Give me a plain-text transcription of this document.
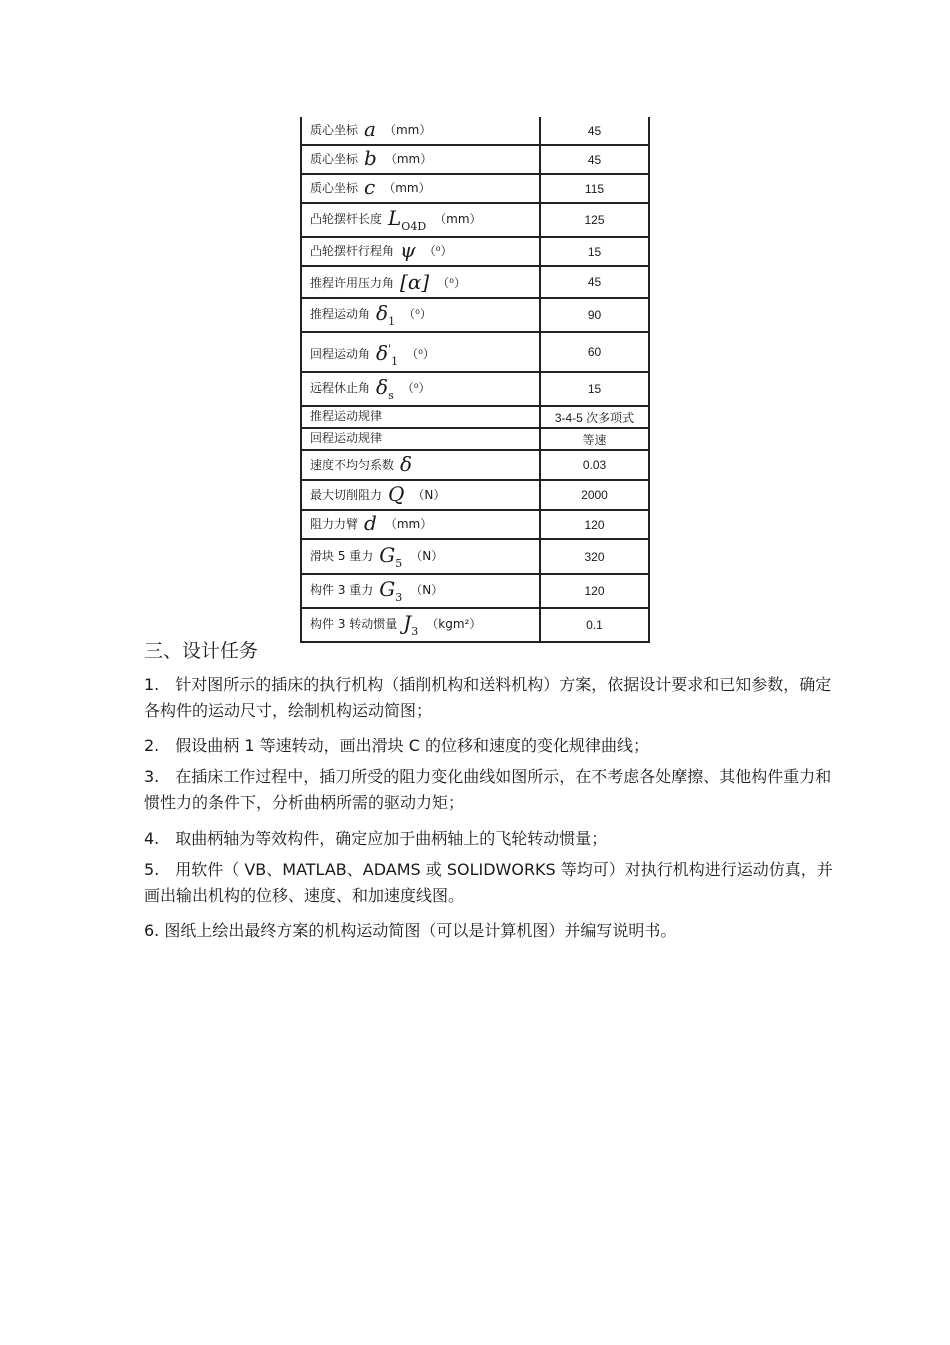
质心坐标 a （mm）	45
质心坐标 b （mm）	45
质心坐标 c （mm）	115
凸轮摆杆长度 $L_{O4D}(mm)$	125
凸轮摆杆行程角 ψ （⁰）	15
推程许用压力角 [α] （⁰）	45
推程运动角 $\delta_1(^0)$	90
回程运动角 $\delta'_1(^0)$	60
远程休止角 $\delta_s(^0)$	15
推程运动规律	3-4-5 次多项式
回程运动规律	等速
速度不均匀系数 δ	0.03
最大切削阻力 Q （N）	2000
阻力力臂 d （mm）	120
滑块 5 重力 $G_5(N)$	320
构件 3 重力 $G_3(N)$	120
构件 3 转动惯量 $J_3(kgm^2)$	0.1
三、设计任务

1.　针对图所示的插床的执行机构（插削机构和送料机构）方案，依据设计要求和已知参数，确定各构件的运动尺寸，绘制机构运动简图；

2.　假设曲柄 1 等速转动，画出滑块 C 的位移和速度的变化规律曲线；

3.　在插床工作过程中，插刀所受的阻力变化曲线如图所示，在不考虑各处摩擦、其他构件重力和惯性力的条件下，分析曲柄所需的驱动力矩；

4.　取曲柄轴为等效构件，确定应加于曲柄轴上的飞轮转动惯量；

5.　用软件（ VB、MATLAB、ADAMS 或 SOLIDWORKS 等均可）对执行机构进行运动仿真，并画出输出机构的位移、速度、和加速度线图。

6. 图纸上绘出最终方案的机构运动简图（可以是计算机图）并编写说明书。
